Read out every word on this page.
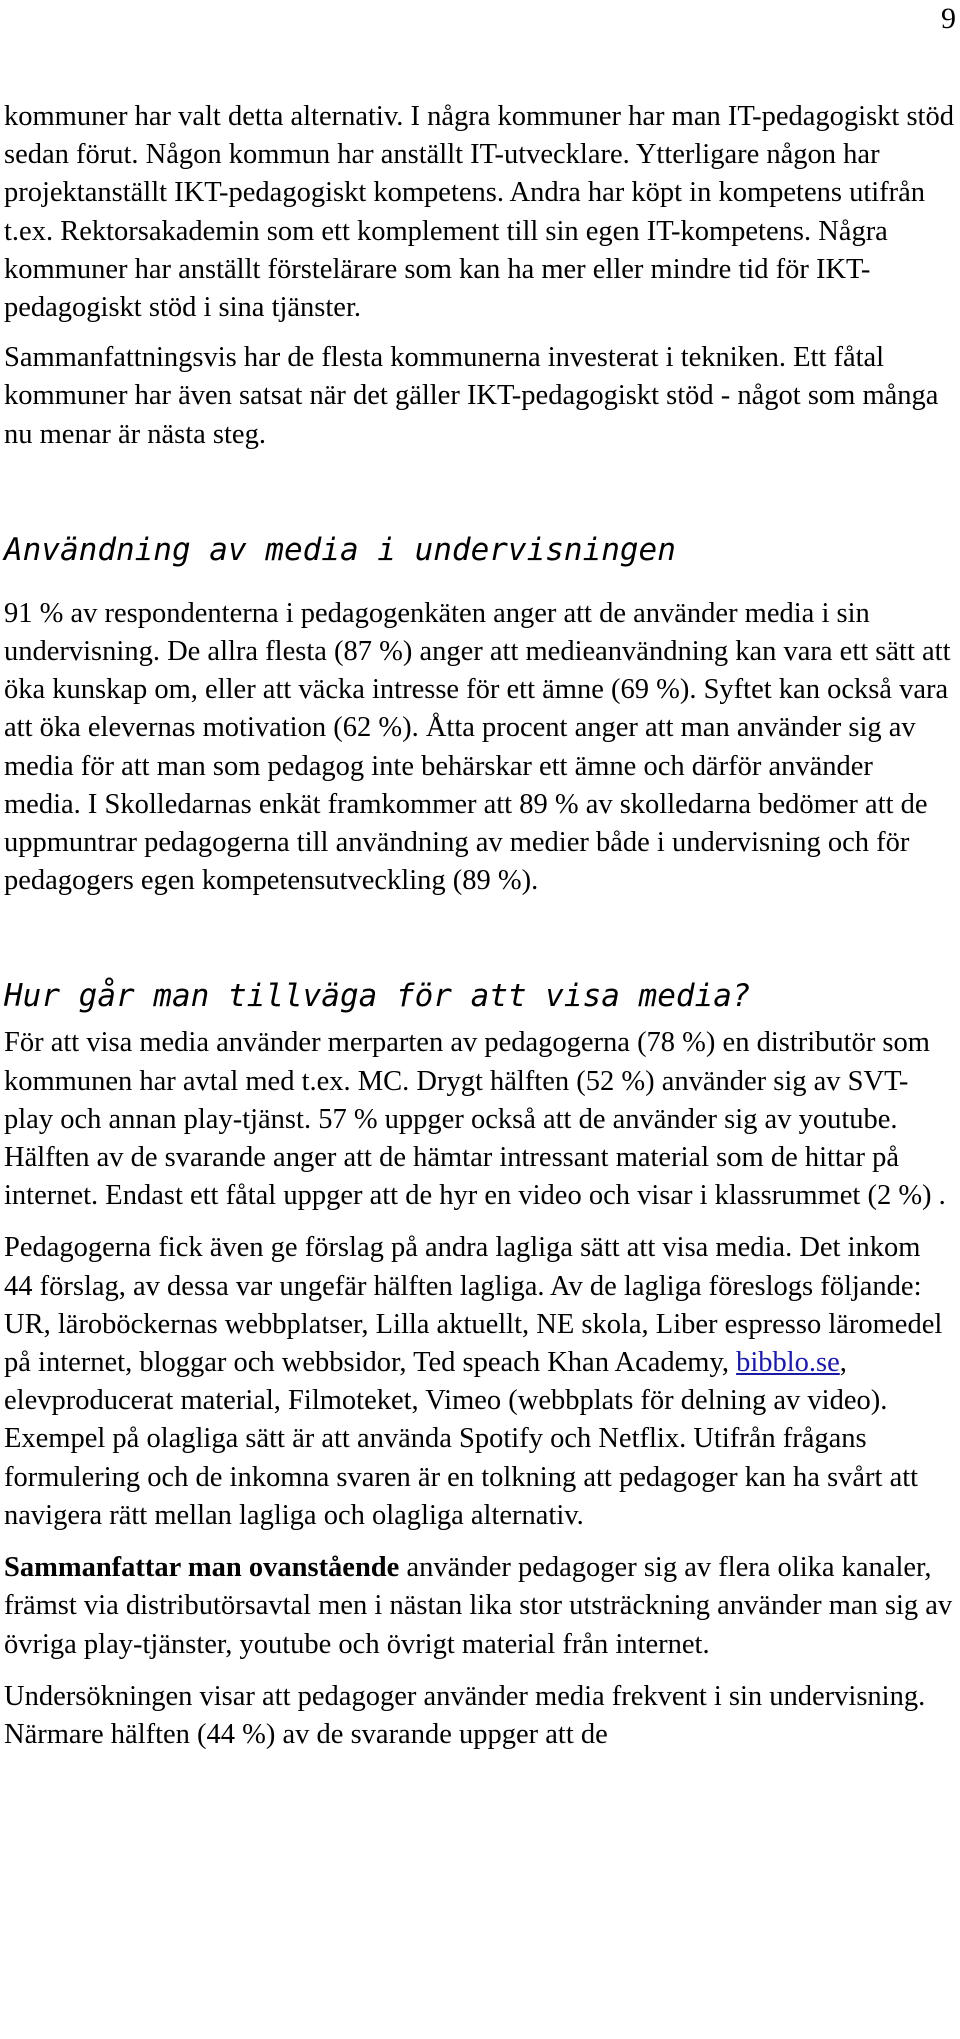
9

kommuner har valt detta alternativ. I några kommuner har man IT-pedagogiskt stöd sedan förut. Någon kommun har anställt IT-utvecklare. Ytterligare någon har projektanställt IKT-pedagogiskt kompetens. Andra har köpt in kompetens utifrån t.ex. Rektorsakademin som ett komplement till sin egen IT-kompetens. Några kommuner har anställt förstelärare som kan ha mer eller mindre tid för IKT-pedagogiskt stöd i sina tjänster.

Sammanfattningsvis har de flesta kommunerna investerat i tekniken. Ett fåtal kommuner har även satsat när det gäller IKT-pedagogiskt stöd - något som många nu menar är nästa steg.

Användning av media i undervisningen

91 % av respondenterna i pedagogenkäten anger att de använder media i sin undervisning. De allra flesta (87 %) anger att medieanvändning kan vara ett sätt att öka kunskap om, eller att väcka intresse för ett ämne (69 %). Syftet kan också vara att öka elevernas motivation (62 %). Åtta procent anger att man använder sig av media för att man som pedagog inte behärskar ett ämne och därför använder media. I Skolledarnas enkät framkommer att 89 % av skolledarna bedömer att de uppmuntrar pedagogerna till användning av medier både i undervisning och för pedagogers egen kompetensutveckling (89 %).

Hur går man tillväga för att visa media?

För att visa media använder merparten av pedagogerna (78 %) en distributör som kommunen har avtal med t.ex. MC. Drygt hälften (52 %) använder sig av SVT-play och annan play-tjänst. 57 % uppger också att de använder sig av youtube. Hälften av de svarande anger att de hämtar intressant material som de hittar på internet. Endast ett fåtal uppger att de hyr en video och visar i klassrummet (2 %) .

Pedagogerna fick även ge förslag på andra lagliga sätt att visa media. Det inkom 44 förslag, av dessa var ungefär hälften lagliga. Av de lagliga föreslogs följande: UR, läroböckernas webbplatser, Lilla aktuellt, NE skola, Liber espresso läromedel på internet, bloggar och webbsidor, Ted speach Khan Academy, bibblo.se, elevproducerat material, Filmoteket, Vimeo (webbplats för delning av video). Exempel på olagliga sätt är att använda Spotify och Netflix. Utifrån frågans formulering och de inkomna svaren är en tolkning att pedagoger kan ha svårt att navigera rätt mellan lagliga och olagliga alternativ.

Sammanfattar man ovanstående använder pedagoger sig av flera olika kanaler, främst via distributörsavtal men i nästan lika stor utsträckning använder man sig av övriga play-tjänster, youtube och övrigt material från internet.

Undersökningen visar att pedagoger använder media frekvent i sin undervisning. Närmare hälften (44 %) av de svarande uppger att de
